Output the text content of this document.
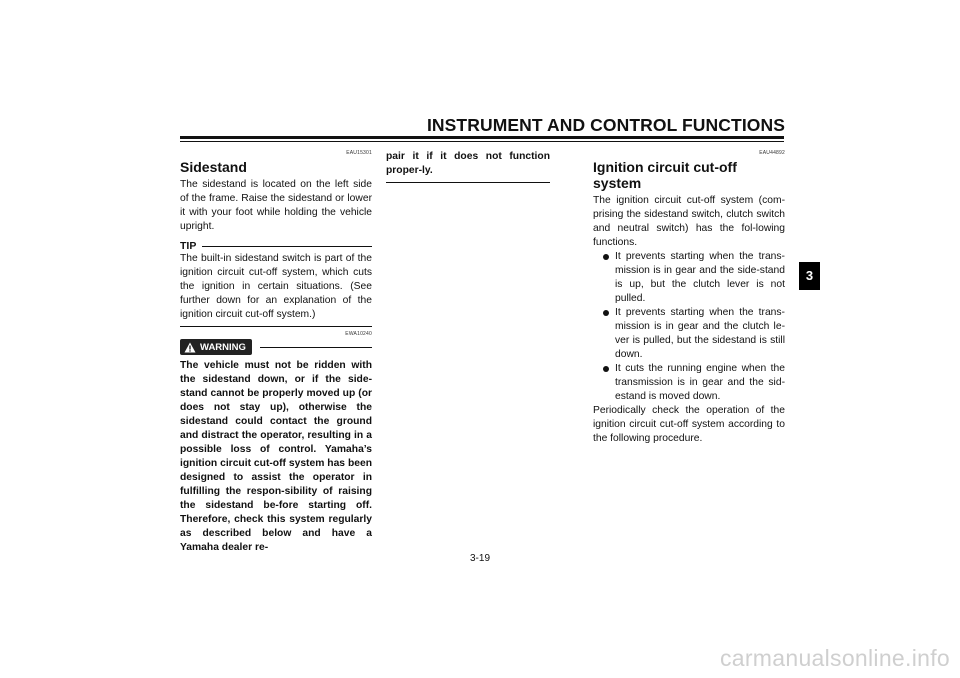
INSTRUMENT AND CONTROL FUNCTIONS
3
EAU15301
Sidestand

The sidestand is located on the left side of the frame. Raise the sidestand or lower it with your foot while holding the vehicle upright.

TIP

The built-in sidestand switch is part of the ignition circuit cut-off system, which cuts the ignition in certain situations. (See further down for an explanation of the ignition circuit cut-off system.)

EWA10240
WARNING

The vehicle must not be ridden with the sidestand down, or if the side-stand cannot be properly moved up (or does not stay up), otherwise the sidestand could contact the ground and distract the operator, resulting in a possible loss of control. Yamaha’s ignition circuit cut-off system has been designed to assist the operator in fulfilling the respon-sibility of raising the sidestand be-fore starting off. Therefore, check this system regularly as described below and have a Yamaha dealer re-

pair it if it does not function proper-ly.

EAU44892
Ignition circuit cut-off system

The ignition circuit cut-off system (com-prising the sidestand switch, clutch switch and neutral switch) has the fol-lowing functions.

It prevents starting when the trans-mission is in gear and the side-stand is up, but the clutch lever is not pulled.
It prevents starting when the trans-mission is in gear and the clutch le-ver is pulled, but the sidestand is still down.
It cuts the running engine when the transmission is in gear and the sid-estand is moved down.

Periodically check the operation of the ignition circuit cut-off system according to the following procedure.

3-19
carmanualsonline.info
